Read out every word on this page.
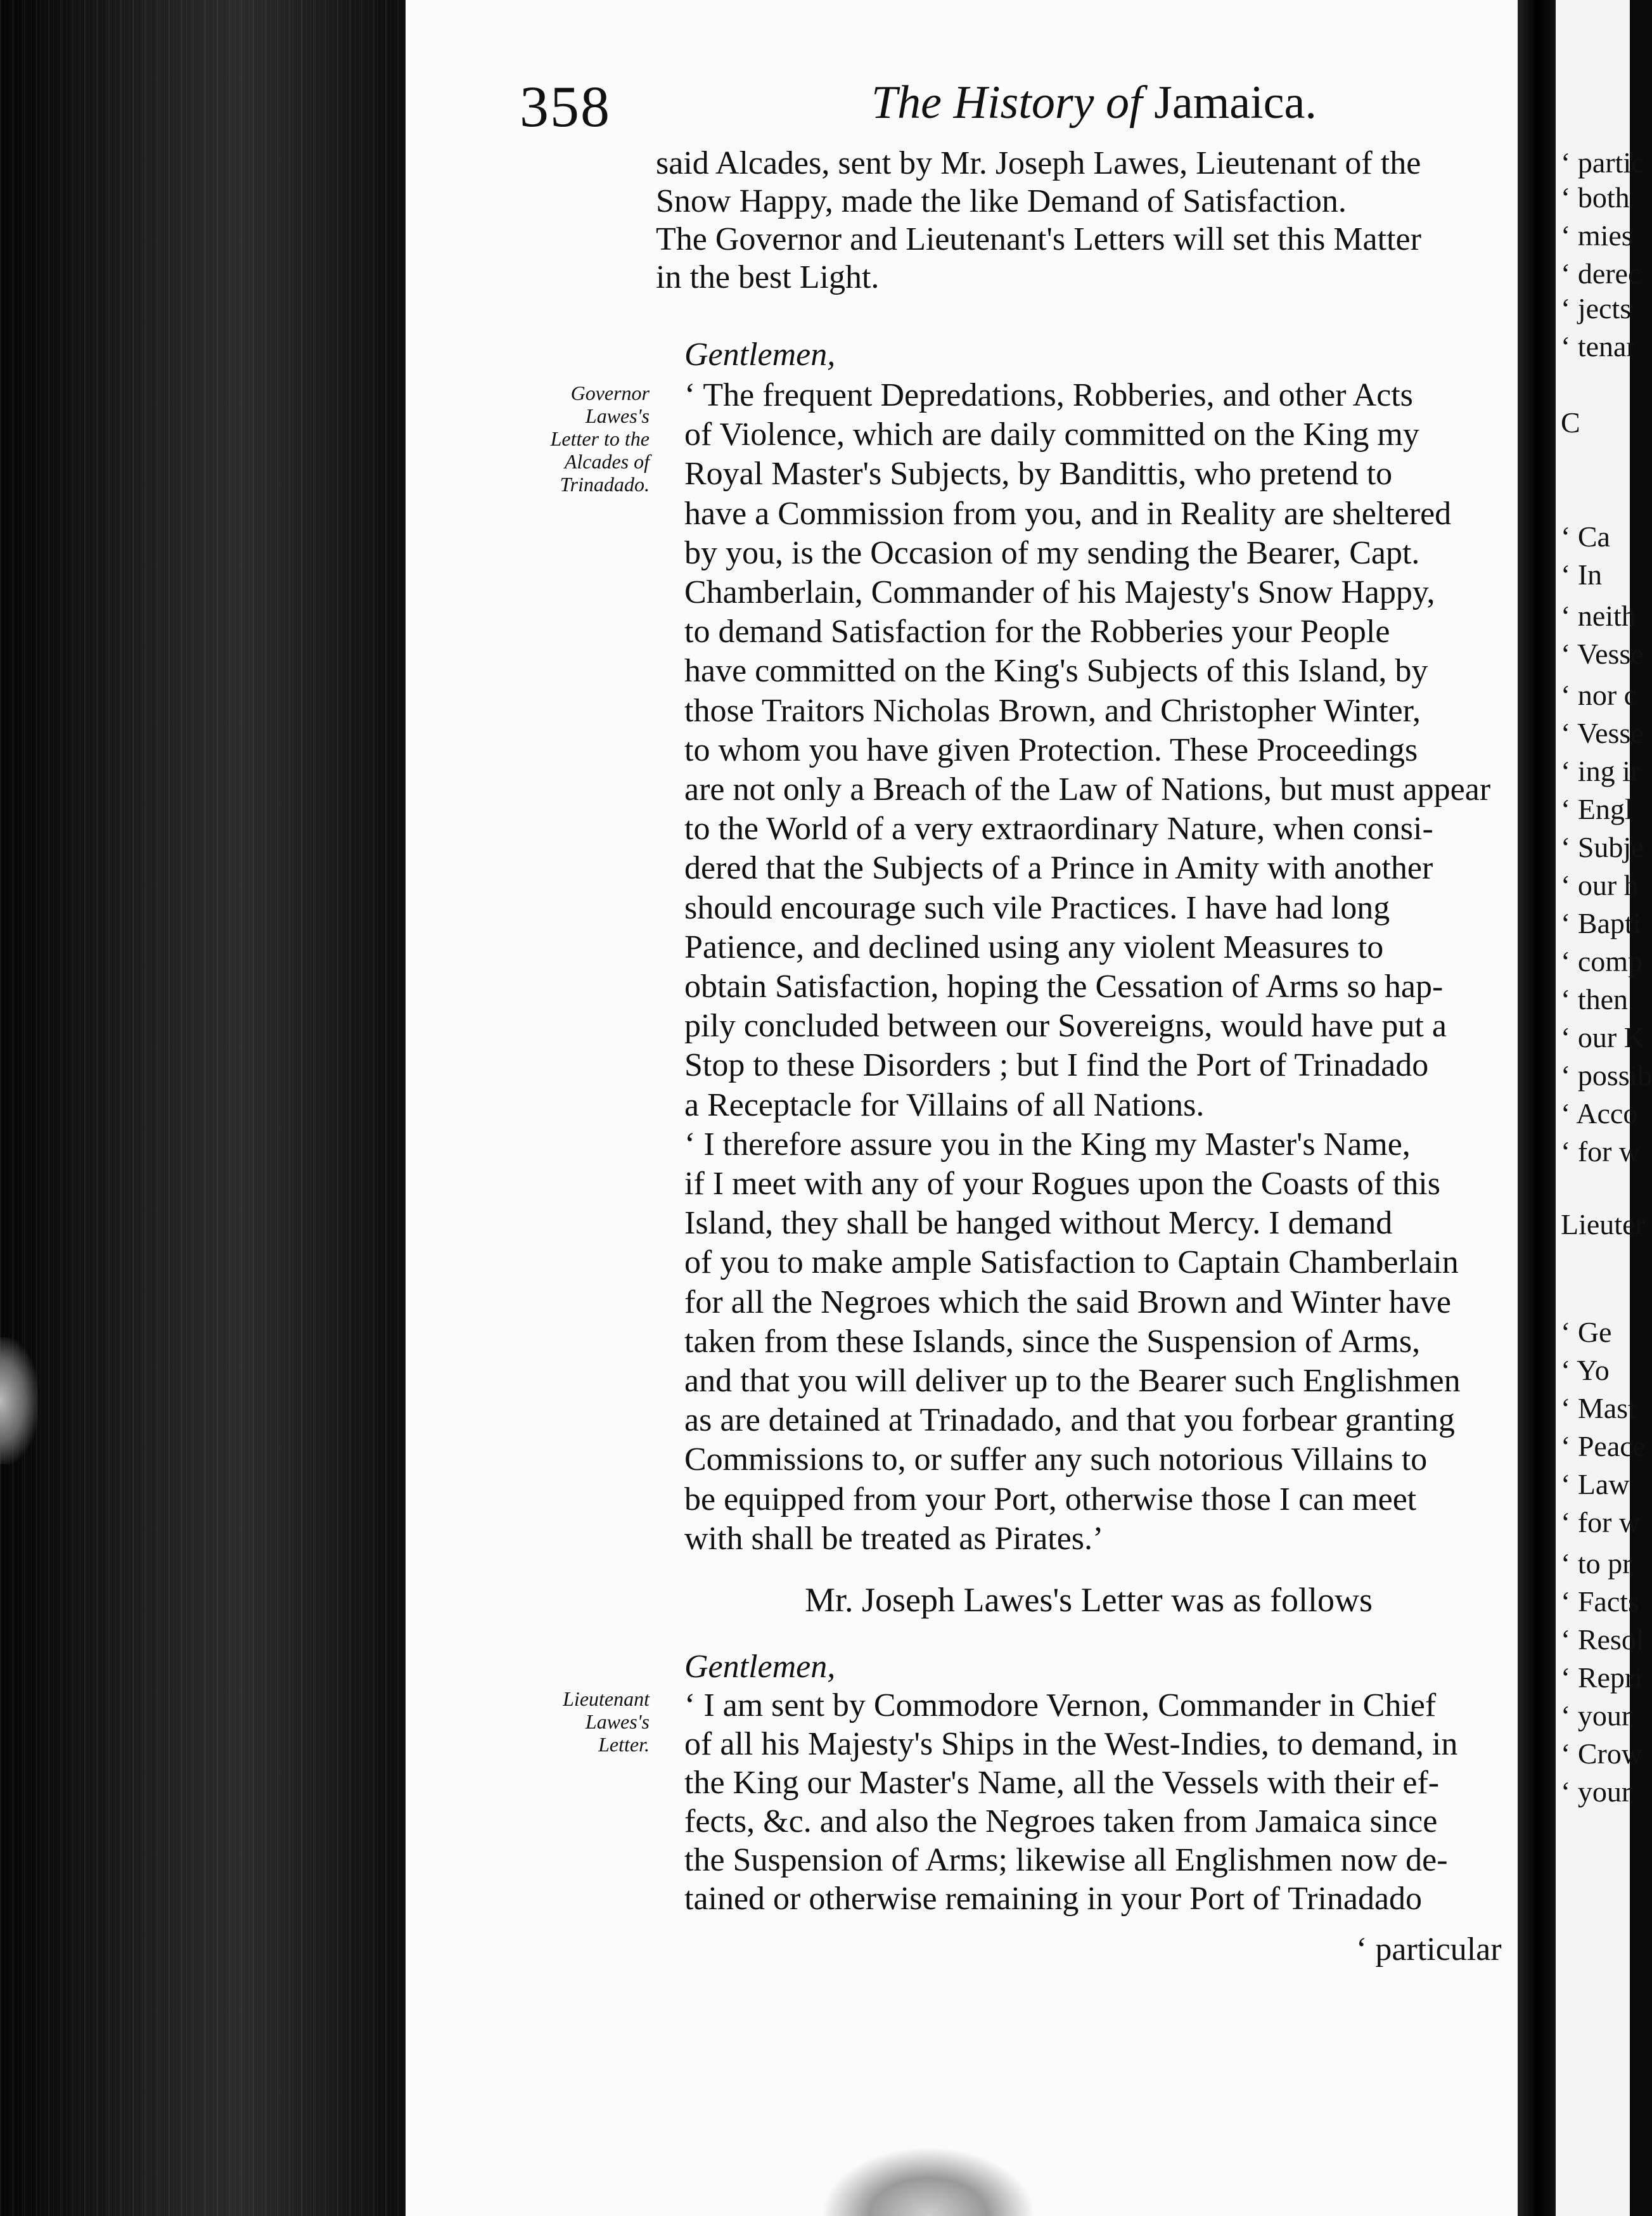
358	The History of Jamaica.
said Alcades, sent by Mr. Joseph Lawes, Lieutenant of the
Snow Happy, made the like Demand of Satisfaction.
The Governor and Lieutenant's Letters will set this Matter
in the best Light.
Gentlemen,
Governor
Lawes's
Letter to the
Alcades of
Trinadado.
‘ The frequent Depredations, Robberies, and other Acts
of Violence, which are daily committed on the King my
Royal Master's Subjects, by Bandittis, who pretend to
have a Commission from you, and in Reality are sheltered
by you, is the Occasion of my sending the Bearer, Capt.
Chamberlain, Commander of his Majesty's Snow Happy,
to demand Satisfaction for the Robberies your People
have committed on the King's Subjects of this Island, by
those Traitors Nicholas Brown, and Christopher Winter,
to whom you have given Protection. These Proceedings
are not only a Breach of the Law of Nations, but must appear
to the World of a very extraordinary Nature, when consi-
dered that the Subjects of a Prince in Amity with another
should encourage such vile Practices. I have had long
Patience, and declined using any violent Measures to
obtain Satisfaction, hoping the Cessation of Arms so hap-
pily concluded between our Sovereigns, would have put a
Stop to these Disorders ; but I find the Port of Trinadado
a Receptacle for Villains of all Nations.
‘ I therefore assure you in the King my Master's Name,
if I meet with any of your Rogues upon the Coasts of this
Island, they shall be hanged without Mercy. I demand
of you to make ample Satisfaction to Captain Chamberlain
for all the Negroes which the said Brown and Winter have
taken from these Islands, since the Suspension of Arms,
and that you will deliver up to the Bearer such Englishmen
as are detained at Trinadado, and that you forbear granting
Commissions to, or suffer any such notorious Villains to
be equipped from your Port, otherwise those I can meet
with shall be treated as Pirates.’
Mr. Joseph Lawes's Letter was as follows
Gentlemen,
Lieutenant
Lawes's
Letter.
‘ I am sent by Commodore Vernon, Commander in Chief
of all his Majesty's Ships in the West-Indies, to demand, in
the King our Master's Name, all the Vessels with their ef-
fects, &c. and also the Negroes taken from Jamaica since
the Suspension of Arms; likewise all Englishmen now de-
tained or otherwise remaining in your Port of Trinadado
‘ particular
‘ partic
‘ both
‘ mies
‘ derec
‘ jects
‘ tenar
C
‘ Ca
‘ In
‘ neith
‘ Vesse
‘ nor c
‘ Vesse
‘ ing ir
‘ Engl
‘ Subje
‘ our h
‘ Bapti
‘ comp
‘ then
‘ our K
‘ possib
‘ Acco
‘ for w
Lieuter
‘ Ge
‘ Yo
‘ Mast
‘ Peace
‘ Law
‘ for w
‘ to pr
‘ Facts
‘ Resol
‘ Repri
‘ your
‘ Crow
‘ your
